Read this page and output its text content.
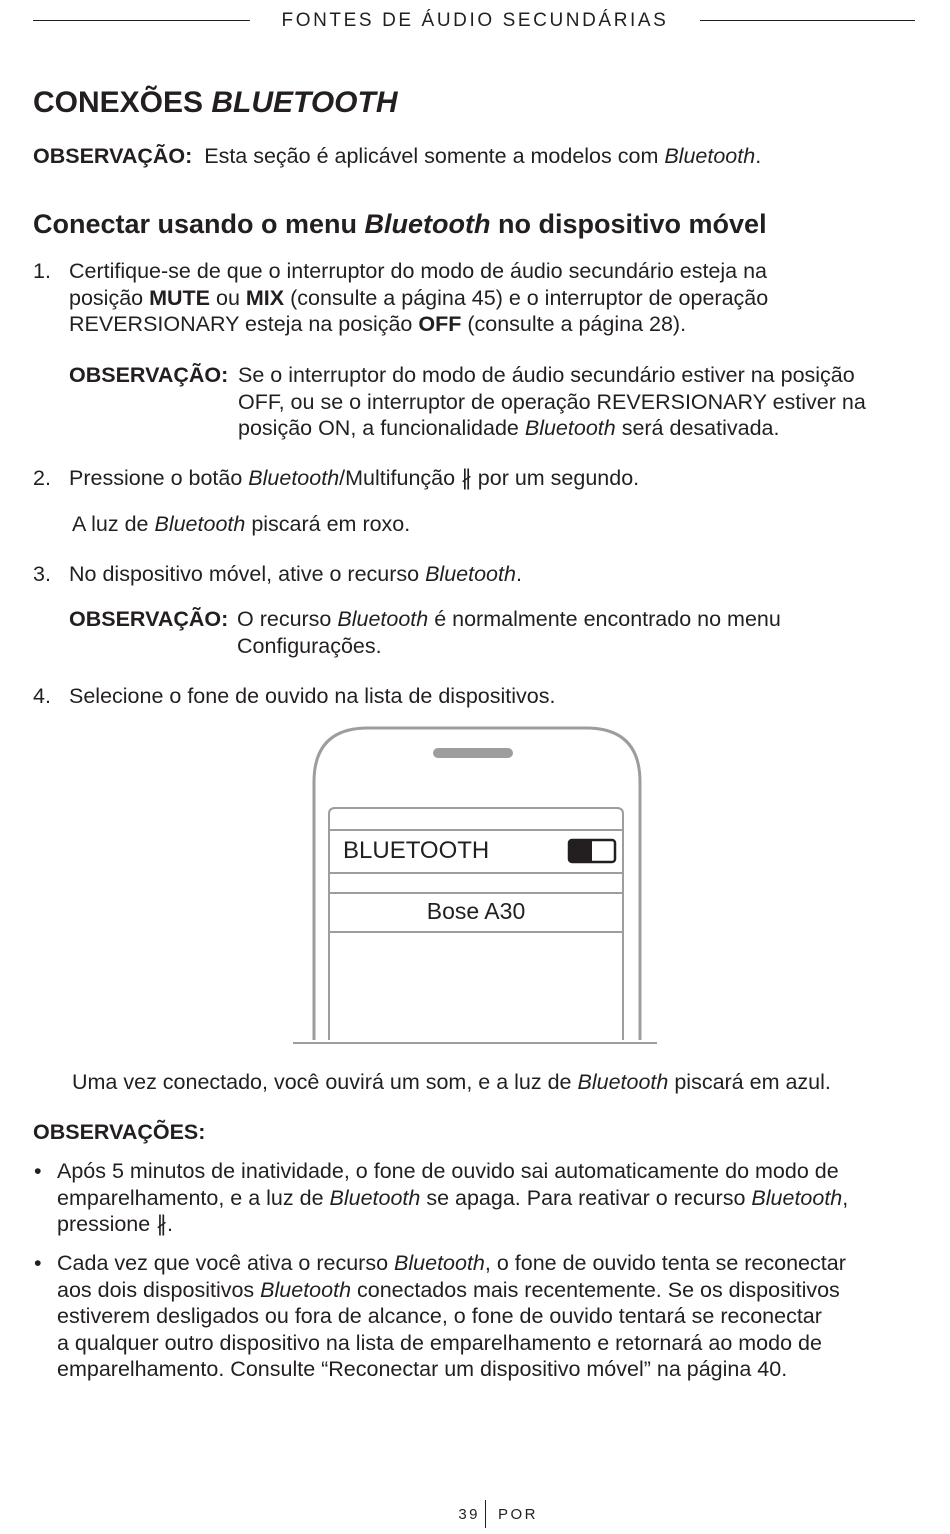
FONTES DE ÁUDIO SECUNDÁRIAS
CONEXÕES BLUETOOTH
OBSERVAÇÃO: Esta seção é aplicável somente a modelos com Bluetooth.
Conectar usando o menu Bluetooth no dispositivo móvel
1. Certifique-se de que o interruptor do modo de áudio secundário esteja na
posição MUTE ou MIX (consulte a página 45) e o interruptor de operação
REVERSIONARY esteja na posição OFF (consulte a página 28).
OBSERVAÇÃO: Se o interruptor do modo de áudio secundário estiver na posição
OFF, ou se o interruptor de operação REVERSIONARY estiver na
posição ON, a funcionalidade Bluetooth será desativada.
2. Pressione o botão Bluetooth/Multifunção ∦ por um segundo.
A luz de Bluetooth piscará em roxo.
3. No dispositivo móvel, ative o recurso Bluetooth.
OBSERVAÇÃO: O recurso Bluetooth é normalmente encontrado no menu
Configurações.
4. Selecione o fone de ouvido na lista de dispositivos.
BLUETOOTH
Bose A30
Uma vez conectado, você ouvirá um som, e a luz de Bluetooth piscará em azul.
OBSERVAÇÕES:
• Após 5 minutos de inatividade, o fone de ouvido sai automaticamente do modo de
emparelhamento, e a luz de Bluetooth se apaga. Para reativar o recurso Bluetooth,
pressione ∦.
• Cada vez que você ativa o recurso Bluetooth, o fone de ouvido tenta se reconectar
aos dois dispositivos Bluetooth conectados mais recentemente. Se os dispositivos
estiverem desligados ou fora de alcance, o fone de ouvido tentará se reconectar
a qualquer outro dispositivo na lista de emparelhamento e retornará ao modo de
emparelhamento. Consulte “Reconectar um dispositivo móvel” na página 40.
39 POR
